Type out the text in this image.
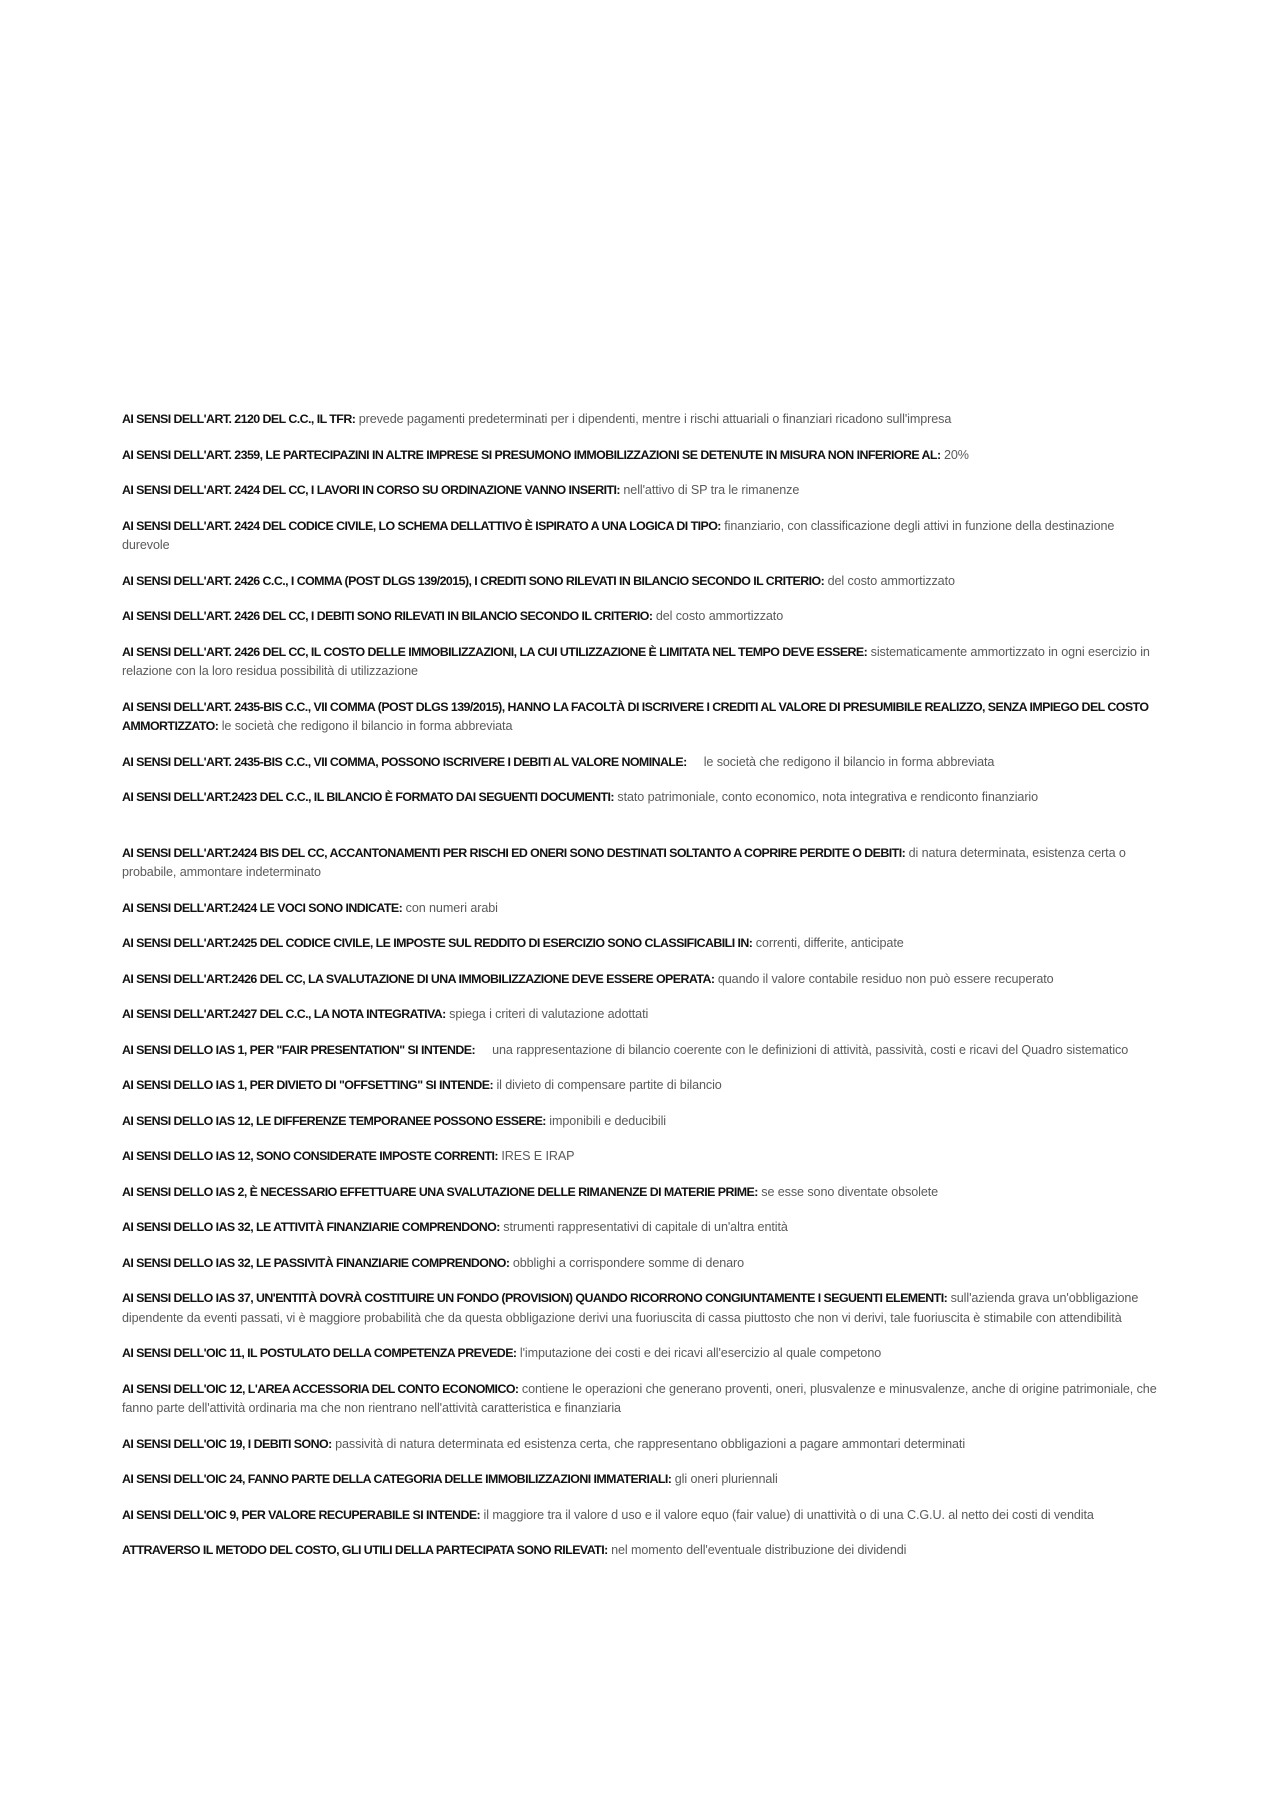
AI SENSI DELL'ART. 2120 DEL C.C., IL TFR: prevede pagamenti predeterminati per i dipendenti, mentre i rischi attuariali o finanziari ricadono sull'impresa

AI SENSI DELL'ART. 2359, LE PARTECIPAZINI IN ALTRE IMPRESE SI PRESUMONO IMMOBILIZZAZIONI SE DETENUTE IN MISURA NON INFERIORE AL: 20%

AI SENSI DELL'ART. 2424 DEL CC, I LAVORI IN CORSO SU ORDINAZIONE VANNO INSERITI: nell'attivo di SP tra le rimanenze

AI SENSI DELL'ART. 2424 DEL CODICE CIVILE, LO SCHEMA DELLATTIVO È ISPIRATO A UNA LOGICA DI TIPO: finanziario, con classificazione degli attivi in funzione della destinazione durevole

AI SENSI DELL'ART. 2426 C.C., I COMMA (POST DLGS 139/2015), I CREDITI SONO RILEVATI IN BILANCIO SECONDO IL CRITERIO: del costo ammortizzato

AI SENSI DELL'ART. 2426 DEL CC, I DEBITI SONO RILEVATI IN BILANCIO SECONDO IL CRITERIO: del costo ammortizzato

AI SENSI DELL'ART. 2426 DEL CC, IL COSTO DELLE IMMOBILIZZAZIONI, LA CUI UTILIZZAZIONE È LIMITATA NEL TEMPO DEVE ESSERE: sistematicamente ammortizzato in ogni esercizio in relazione con la loro residua possibilità di utilizzazione

AI SENSI DELL'ART. 2435-BIS C.C., VII COMMA (POST DLGS 139/2015), HANNO LA FACOLTÀ DI ISCRIVERE I CREDITI AL VALORE DI PRESUMIBILE REALIZZO, SENZA IMPIEGO DEL COSTO AMMORTIZZATO: le società che redigono il bilancio in forma abbreviata

AI SENSI DELL'ART. 2435-BIS C.C., VII COMMA, POSSONO ISCRIVERE I DEBITI AL VALORE NOMINALE:     le società che redigono il bilancio in forma abbreviata

AI SENSI DELL'ART.2423 DEL C.C., IL BILANCIO È FORMATO DAI SEGUENTI DOCUMENTI: stato patrimoniale, conto economico, nota integrativa e rendiconto finanziario

AI SENSI DELL'ART.2424 BIS DEL CC, ACCANTONAMENTI PER RISCHI ED ONERI SONO DESTINATI SOLTANTO A COPRIRE PERDITE O DEBITI: di natura determinata, esistenza certa o probabile, ammontare indeterminato

AI SENSI DELL'ART.2424 LE VOCI SONO INDICATE: con numeri arabi

AI SENSI DELL'ART.2425 DEL CODICE CIVILE, LE IMPOSTE SUL REDDITO DI ESERCIZIO SONO CLASSIFICABILI IN: correnti, differite, anticipate

AI SENSI DELL'ART.2426 DEL CC, LA SVALUTAZIONE DI UNA IMMOBILIZZAZIONE DEVE ESSERE OPERATA: quando il valore contabile residuo non può essere recuperato

AI SENSI DELL'ART.2427 DEL C.C., LA NOTA INTEGRATIVA: spiega i criteri di valutazione adottati

AI SENSI DELLO IAS 1, PER "FAIR PRESENTATION" SI INTENDE:     una rappresentazione di bilancio coerente con le definizioni di attività, passività, costi e ricavi del Quadro sistematico

AI SENSI DELLO IAS 1, PER DIVIETO DI "OFFSETTING" SI INTENDE: il divieto di compensare partite di bilancio

AI SENSI DELLO IAS 12, LE DIFFERENZE TEMPORANEE POSSONO ESSERE: imponibili e deducibili

AI SENSI DELLO IAS 12, SONO CONSIDERATE IMPOSTE CORRENTI: IRES E IRAP

AI SENSI DELLO IAS 2, È NECESSARIO EFFETTUARE UNA SVALUTAZIONE DELLE RIMANENZE DI MATERIE PRIME: se esse sono diventate obsolete

AI SENSI DELLO IAS 32, LE ATTIVITÀ FINANZIARIE COMPRENDONO: strumenti rappresentativi di capitale di un'altra entità

AI SENSI DELLO IAS 32, LE PASSIVITÀ FINANZIARIE COMPRENDONO: obblighi a corrispondere somme di denaro

AI SENSI DELLO IAS 37, UN'ENTITÀ DOVRÀ COSTITUIRE UN FONDO (PROVISION) QUANDO RICORRONO CONGIUNTAMENTE I SEGUENTI ELEMENTI: sull'azienda grava un'obbligazione dipendente da eventi passati, vi è maggiore probabilità che da questa obbligazione derivi una fuoriuscita di cassa piuttosto che non vi derivi, tale fuoriuscita è stimabile con attendibilità

AI SENSI DELL'OIC 11, IL POSTULATO DELLA COMPETENZA PREVEDE: l'imputazione dei costi e dei ricavi all'esercizio al quale competono

AI SENSI DELL'OIC 12, L'AREA ACCESSORIA DEL CONTO ECONOMICO: contiene le operazioni che generano proventi, oneri, plusvalenze e minusvalenze, anche di origine patrimoniale, che fanno parte dell'attività ordinaria ma che non rientrano nell'attività caratteristica e finanziaria

AI SENSI DELL'OIC 19, I DEBITI SONO: passività di natura determinata ed esistenza certa, che rappresentano obbligazioni a pagare ammontari determinati

AI SENSI DELL'OIC 24, FANNO PARTE DELLA CATEGORIA DELLE IMMOBILIZZAZIONI IMMATERIALI: gli oneri pluriennali

AI SENSI DELL'OIC 9, PER VALORE RECUPERABILE SI INTENDE: il maggiore tra il valore d uso e il valore equo (fair value) di unattività o di una C.G.U. al netto dei costi di vendita

ATTRAVERSO IL METODO DEL COSTO, GLI UTILI DELLA PARTECIPATA SONO RILEVATI: nel momento dell'eventuale distribuzione dei dividendi
